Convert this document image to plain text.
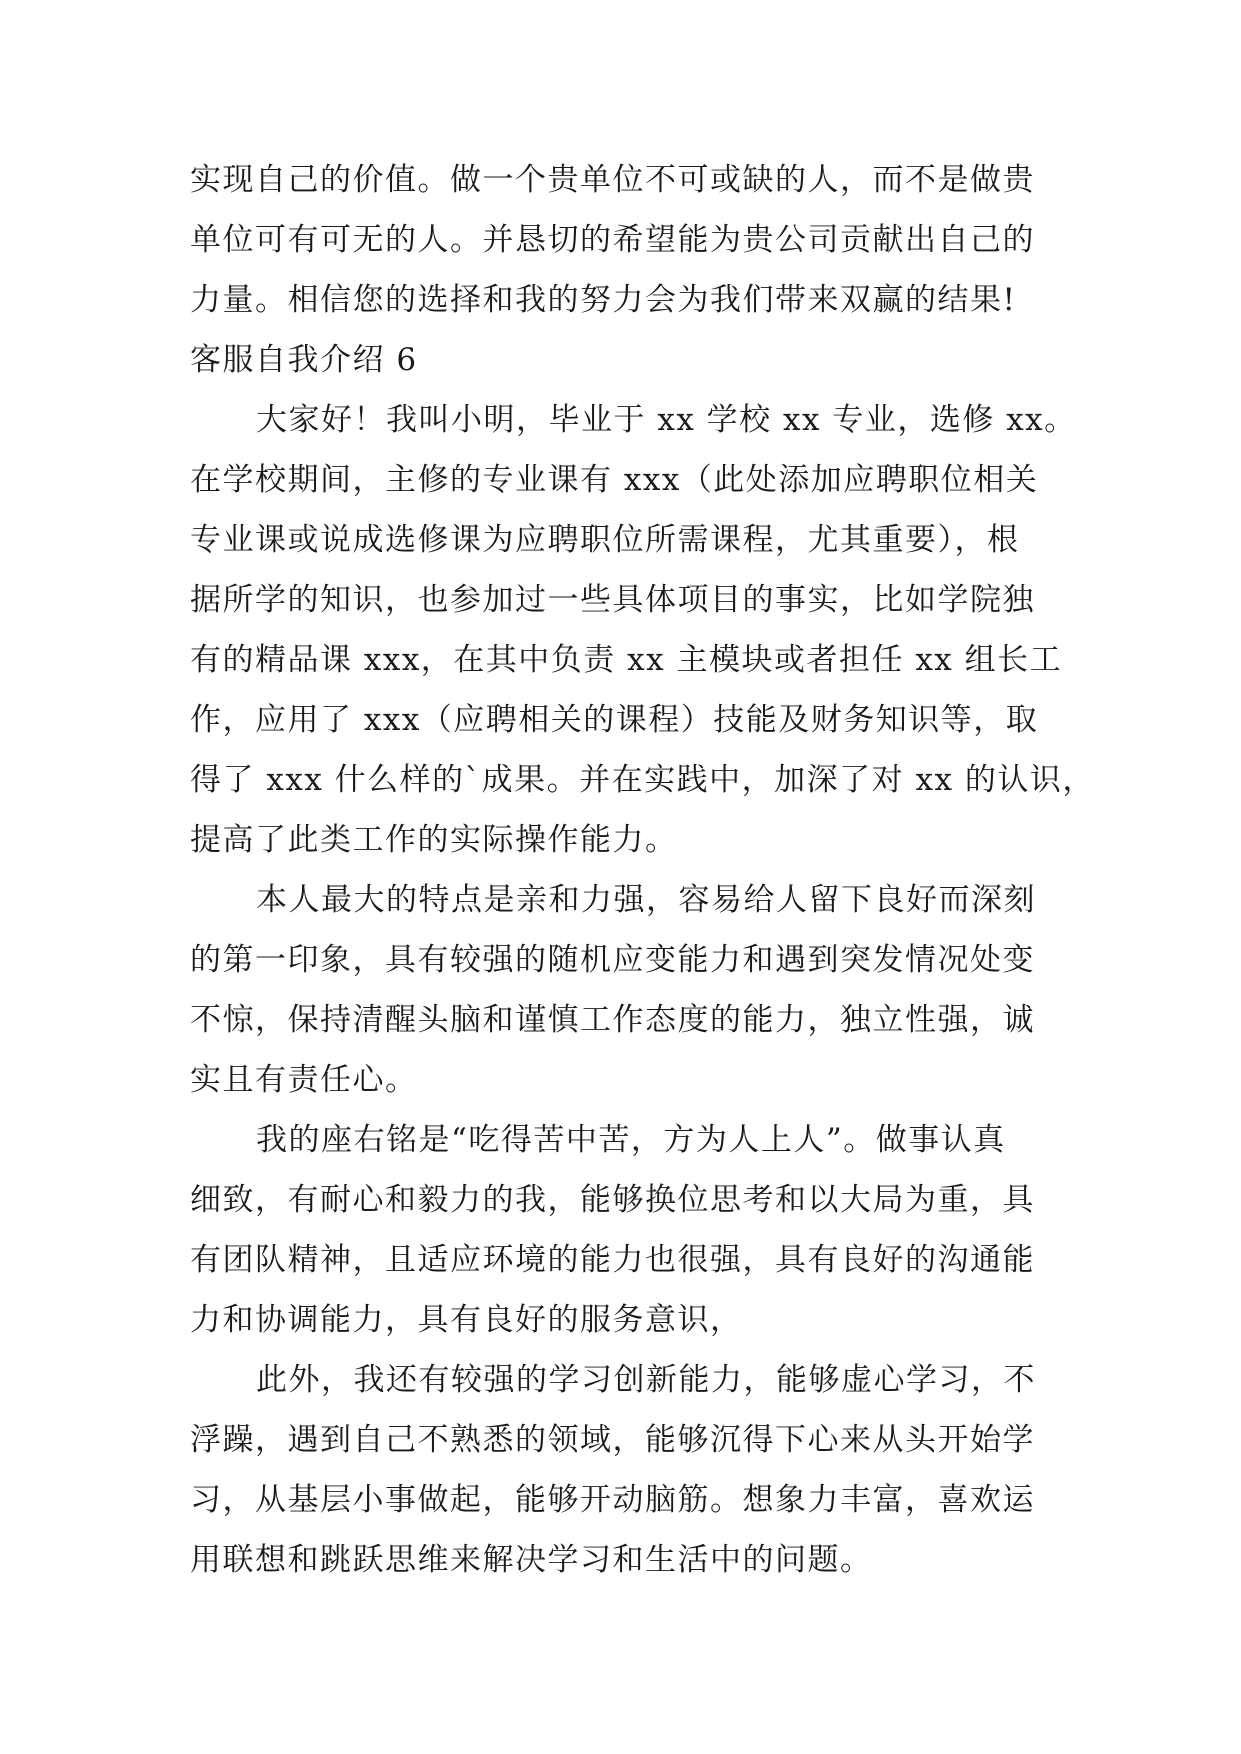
实现自己的价值。做一个贵单位不可或缺的人，而不是做贵
单位可有可无的人。并恳切的希望能为贵公司贡献出自己的
力量。相信您的选择和我的努力会为我们带来双赢的结果!
客服自我介绍 6
大家好！我叫小明，毕业于 xx 学校 xx 专业，选修 xx。
在学校期间，主修的专业课有 xxx（此处添加应聘职位相关
专业课或说成选修课为应聘职位所需课程，尤其重要），根
据所学的知识，也参加过一些具体项目的事实，比如学院独
有的精品课 xxx，在其中负责 xx 主模块或者担任 xx 组长工
作，应用了 xxx（应聘相关的课程）技能及财务知识等，取
得了 xxx 什么样的`成果。并在实践中，加深了对 xx 的认识，
提高了此类工作的实际操作能力。
本人最大的特点是亲和力强，容易给人留下良好而深刻
的第一印象，具有较强的随机应变能力和遇到突发情况处变
不惊，保持清醒头脑和谨慎工作态度的能力，独立性强，诚
实且有责任心。
我的座右铭是“吃得苦中苦，方为人上人”。做事认真
细致，有耐心和毅力的我，能够换位思考和以大局为重，具
有团队精神，且适应环境的能力也很强，具有良好的沟通能
力和协调能力，具有良好的服务意识，
此外，我还有较强的学习创新能力，能够虚心学习，不
浮躁，遇到自己不熟悉的领域，能够沉得下心来从头开始学
习，从基层小事做起，能够开动脑筋。想象力丰富，喜欢运
用联想和跳跃思维来解决学习和生活中的问题。
